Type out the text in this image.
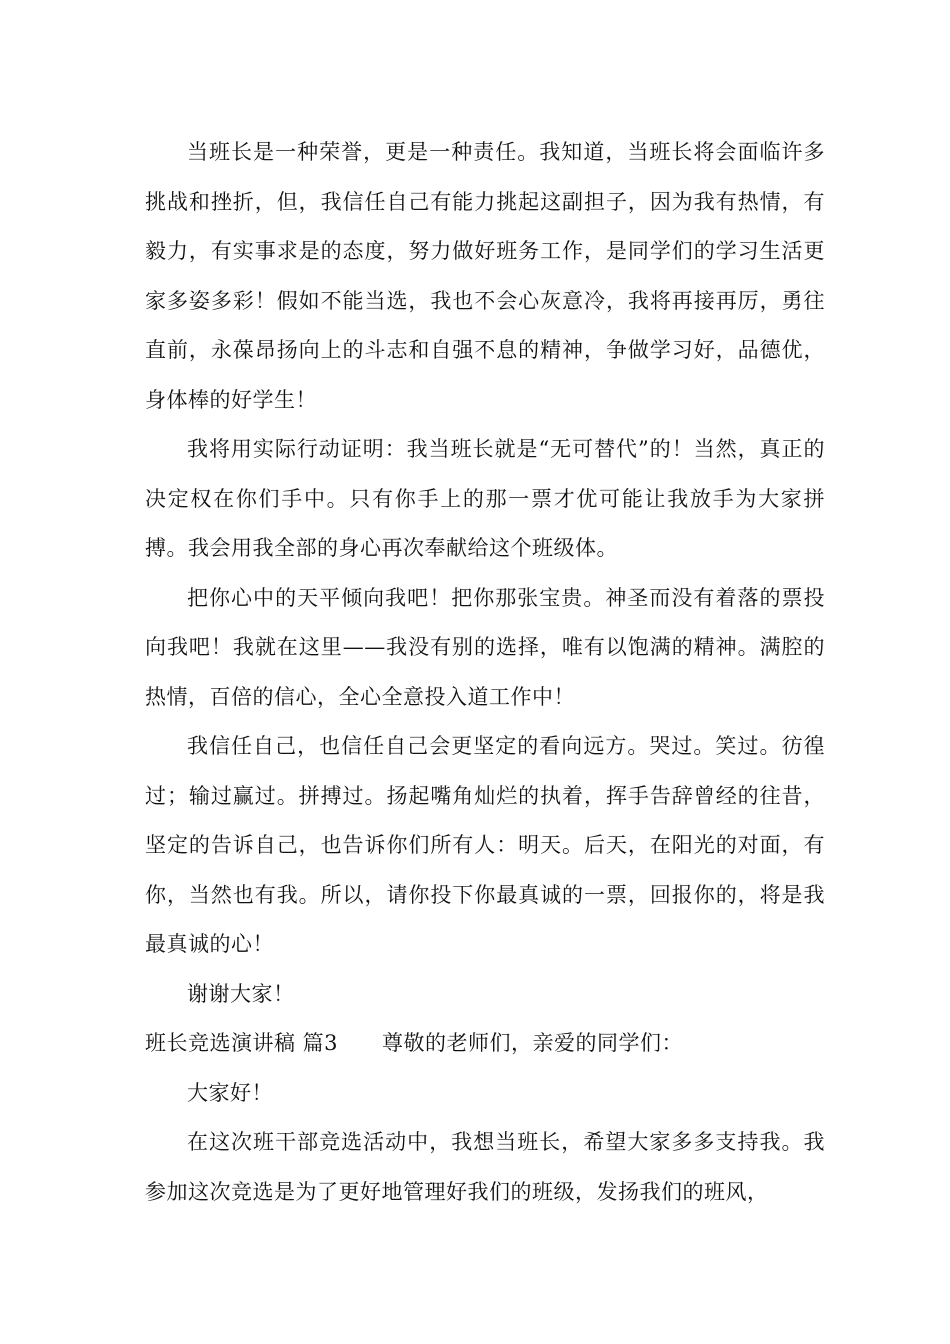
当班长是一种荣誉，更是一种责任。我知道，当班长将会面临许多挑战和挫折，但，我信任自己有能力挑起这副担子，因为我有热情，有毅力，有实事求是的态度，努力做好班务工作，是同学们的学习生活更家多姿多彩！假如不能当选，我也不会心灰意冷，我将再接再厉，勇往直前，永葆昂扬向上的斗志和自强不息的精神，争做学习好，品德优，身体棒的好学生！

我将用实际行动证明：我当班长就是“无可替代”的！当然，真正的决定权在你们手中。只有你手上的那一票才优可能让我放手为大家拼搏。我会用我全部的身心再次奉献给这个班级体。

把你心中的天平倾向我吧！把你那张宝贵。神圣而没有着落的票投向我吧！我就在这里——我没有别的选择，唯有以饱满的精神。满腔的热情，百倍的信心，全心全意投入道工作中！

我信任自己，也信任自己会更坚定的看向远方。哭过。笑过。彷徨过；输过赢过。拼搏过。扬起嘴角灿烂的执着，挥手告辞曾经的往昔，坚定的告诉自己，也告诉你们所有人：明天。后天，在阳光的对面，有你，当然也有我。所以，请你投下你最真诚的一票，回报你的，将是我最真诚的心！

谢谢大家！

班长竞选演讲稿 篇3 尊敬的老师们，亲爱的同学们：

大家好！

在这次班干部竞选活动中，我想当班长，希望大家多多支持我。我参加这次竞选是为了更好地管理好我们的班级，发扬我们的班风，
